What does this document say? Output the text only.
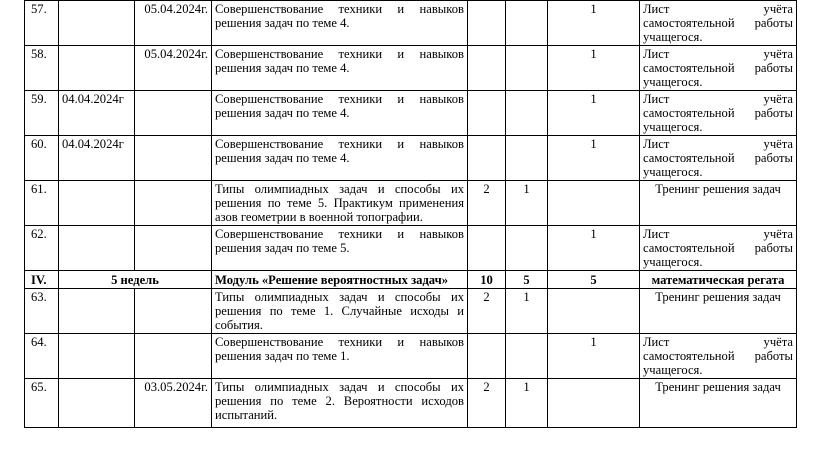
57.		05.04.2024г.	Совершенствование техники и навыков решения задач по теме 4.			1	Лист учёта
самостоятельной работы
учащегося.

58.		05.04.2024г.	Совершенствование техники и навыков решения задач по теме 4.			1	Лист учёта
самостоятельной работы
учащегося.

59.	04.04.2024г		Совершенствование техники и навыков решения задач по теме 4.			1	Лист учёта
самостоятельной работы
учащегося.

60.	04.04.2024г		Совершенствование техники и навыков решения задач по теме 4.			1	Лист учёта
самостоятельной работы
учащегося.

61.			Типы олимпиадных задач и способы их решения по теме 5. Практикум применения азов геометрии в военной топографии.	2	1		Тренинг решения задач
62.			Совершенствование техники и навыков решения задач по теме 5.			1	Лист учёта
самостоятельной работы
учащегося.

IV.	5 недель		Модуль «Решение вероятностных задач»	10	5	5	математическая регата
63.			Типы олимпиадных задач и способы их решения по теме 1. Случайные исходы и события.	2	1		Тренинг решения задач
64.			Совершенствование техники и навыков решения задач по теме 1.			1	Лист учёта
самостоятельной работы
учащегося.

65.		03.05.2024г.	Типы олимпиадных задач и способы их решения по теме 2. Вероятности исходов испытаний.	2	1		Тренинг решения задач
